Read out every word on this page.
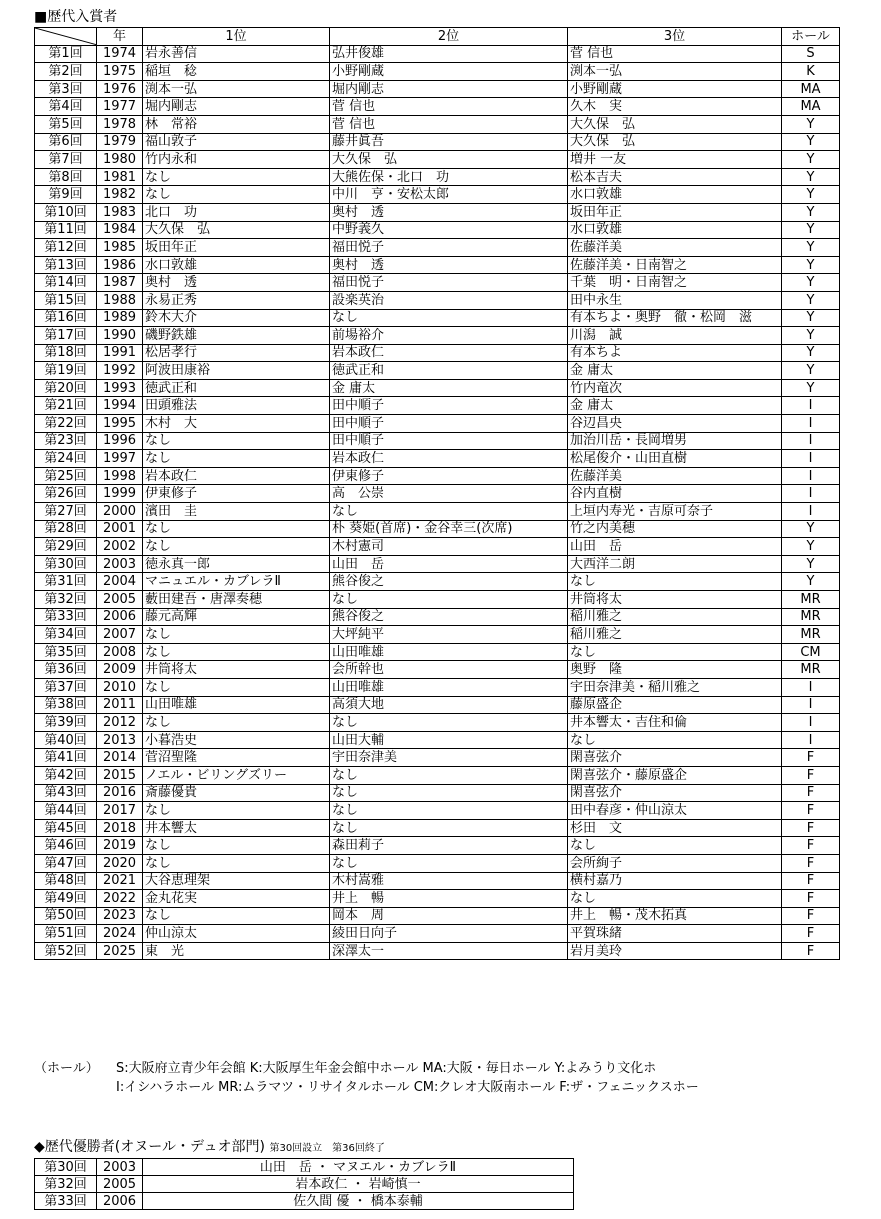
■歴代入賞者
	年	1位	2位	3位	ホール
第1回	1974	岩永善信	弘井俊雄	菅 信也	S
第2回	1975	稲垣　稔	小野剛蔵	渕本一弘	K
第3回	1976	渕本一弘	堀内剛志	小野剛蔵	MA
第4回	1977	堀内剛志	菅 信也	久木　実	MA
第5回	1978	林　常裕	菅 信也	大久保　弘	Y
第6回	1979	福山敦子	藤井眞吾	大久保　弘	Y
第7回	1980	竹内永和	大久保　弘	増井 一友	Y
第8回	1981	なし	大熊佐保・北口　功	松本吉夫	Y
第9回	1982	なし	中川　亨・安松太郎	水口敦雄	Y
第10回	1983	北口　功	奥村　透	坂田年正	Y
第11回	1984	大久保　弘	中野義久	水口敦雄	Y
第12回	1985	坂田年正	福田悦子	佐藤洋美	Y
第13回	1986	水口敦雄	奥村　透	佐藤洋美・日南智之	Y
第14回	1987	奥村　透	福田悦子	千葉　明・日南智之	Y
第15回	1988	永易正秀	設楽英治	田中永生	Y
第16回	1989	鈴木大介	なし	有本ちよ・奥野　徹・松岡　滋	Y
第17回	1990	磯野鉄雄	前場裕介	川潟　誠	Y
第18回	1991	松居孝行	岩本政仁	有本ちよ	Y
第19回	1992	阿波田康裕	徳武正和	金 庸太	Y
第20回	1993	徳武正和	金 庸太	竹内竜次	Y
第21回	1994	田頭雅法	田中順子	金 庸太	I
第22回	1995	木村　大	田中順子	谷辺昌央	I
第23回	1996	なし	田中順子	加治川岳・長岡増男	I
第24回	1997	なし	岩本政仁	松尾俊介・山田直樹	I
第25回	1998	岩本政仁	伊東修子	佐藤洋美	I
第26回	1999	伊東修子	高　公崇	谷内直樹	I
第27回	2000	濱田　圭	なし	上垣内寿光・吉原可奈子	I
第28回	2001	なし	朴 葵姫(首席)・金谷幸三(次席)	竹之内美穂	Y
第29回	2002	なし	木村憲司	山田　岳	Y
第30回	2003	徳永真一郎	山田　岳	大西洋二朗	Y
第31回	2004	マニュエル・カブレラⅡ	熊谷俊之	なし	Y
第32回	2005	藪田建吾・唐澤奏穂	なし	井筒将太	MR
第33回	2006	藤元高輝	熊谷俊之	稲川雅之	MR
第34回	2007	なし	大坪純平	稲川雅之	MR
第35回	2008	なし	山田唯雄	なし	CM
第36回	2009	井筒将太	会所幹也	奥野　隆	MR
第37回	2010	なし	山田唯雄	宇田奈津美・稲川雅之	I
第38回	2011	山田唯雄	高須大地	藤原盛企	I
第39回	2012	なし	なし	井本響太・吉住和倫	I
第40回	2013	小暮浩史	山田大輔	なし	I
第41回	2014	菅沼聖隆	宇田奈津美	閑喜弦介	F
第42回	2015	ノエル・ビリングズリー	なし	閑喜弦介・藤原盛企	F
第43回	2016	斎藤優貴	なし	閑喜弦介	F
第44回	2017	なし	なし	田中春彦・仲山涼太	F
第45回	2018	井本響太	なし	杉田　文	F
第46回	2019	なし	森田莉子	なし	F
第47回	2020	なし	なし	会所絢子	F
第48回	2021	大谷恵理架	木村嵩雅	横村嘉乃	F
第49回	2022	金丸花実	井上　暢	なし	F
第50回	2023	なし	岡本　周	井上　暢・茂木拓真	F
第51回	2024	仲山涼太	綾田日向子	平賀珠緒	F
第52回	2025	東　光	深澤太一	岩月美玲	F
（ホール） S:大阪府立青少年会館 K:大阪厚生年金会館中ホール MA:大阪・毎日ホール Y:よみうり文化ホ
I:イシハラホール MR:ムラマツ・リサイタルホール CM:クレオ大阪南ホール F:ザ・フェニックスホー
◆歴代優勝者(オヌール・デュオ部門) 第30回設立　第36回終了
第30回	2003	山田　岳 ・ マヌエル・カブレラⅡ
第32回	2005	岩本政仁 ・ 岩崎慎一
第33回	2006	佐久間 優 ・ 橋本泰輔
